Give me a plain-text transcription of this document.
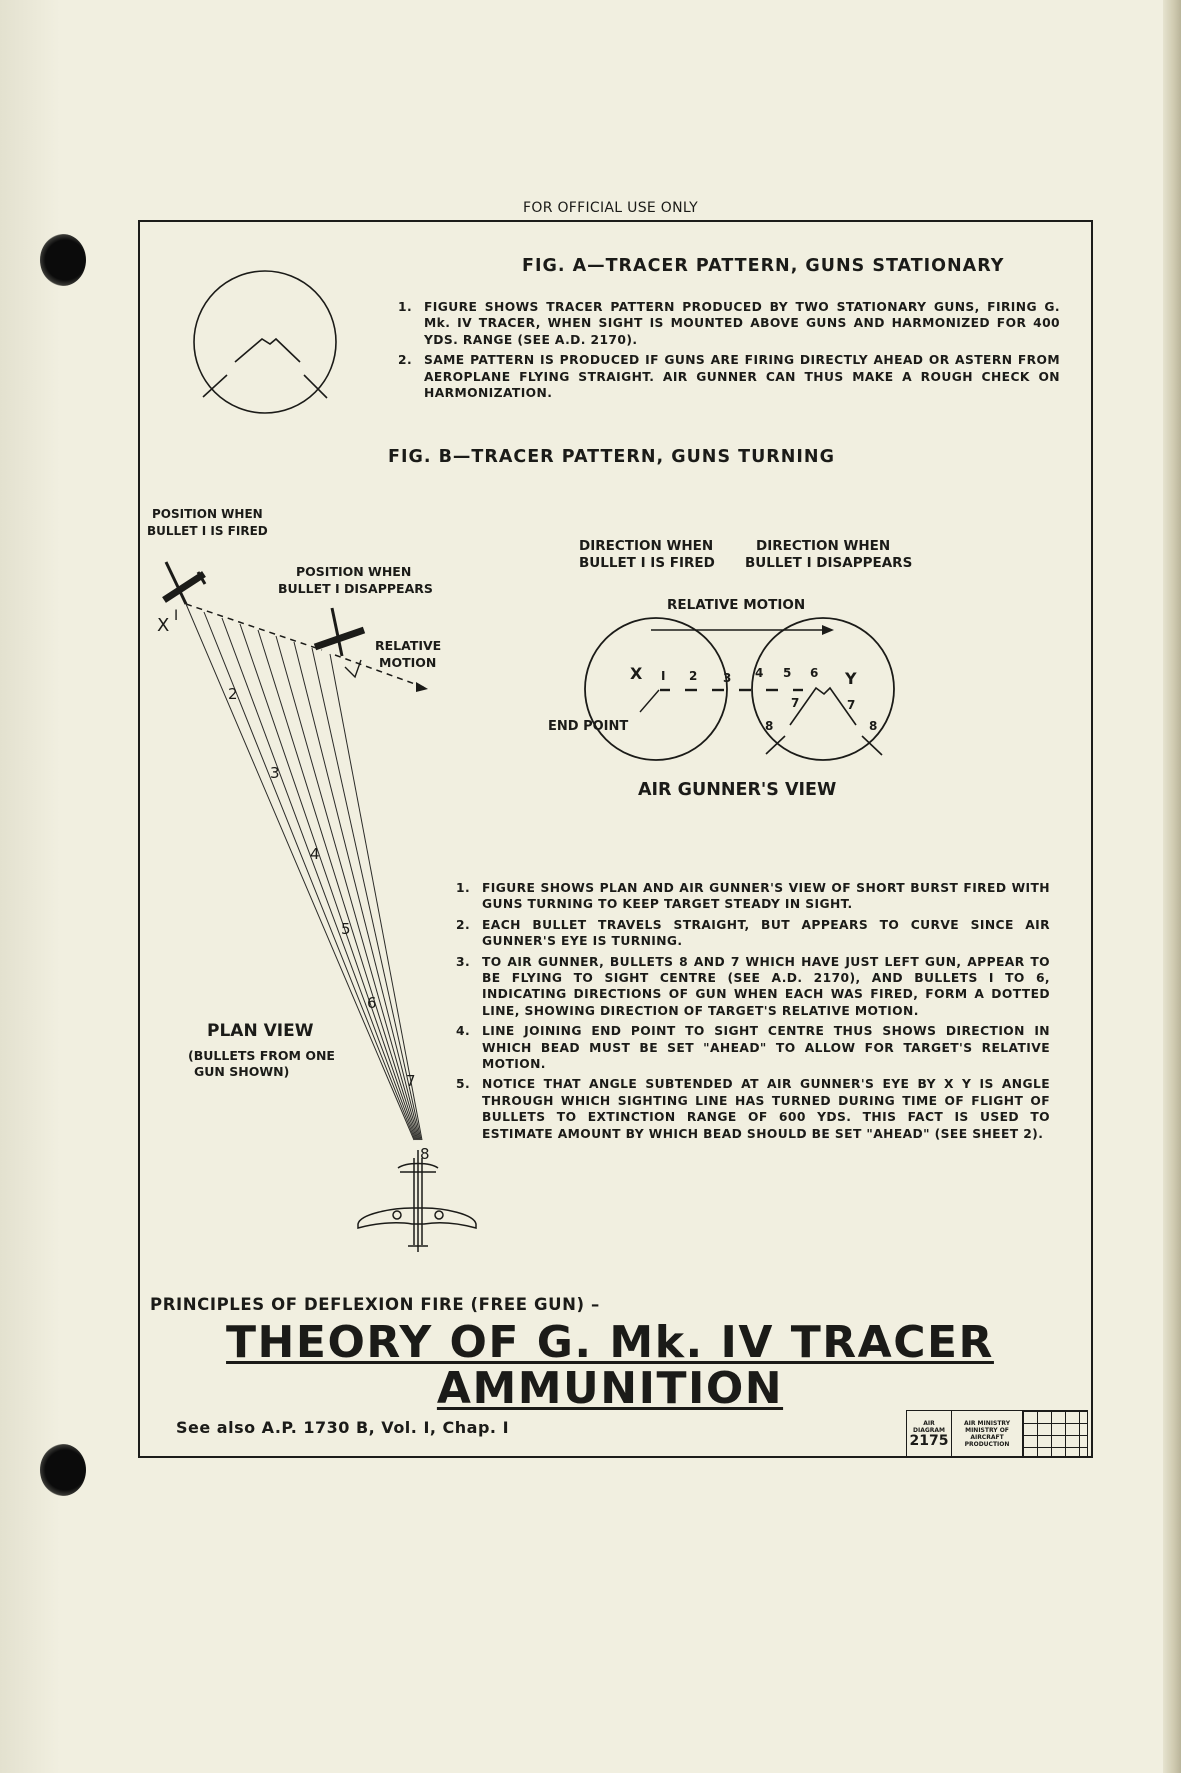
FOR OFFICIAL USE ONLY
FIG. A—TRACER PATTERN, GUNS STATIONARY
1. FIGURE SHOWS TRACER PATTERN PRODUCED BY TWO STATIONARY GUNS, FIRING G. Mk. IV TRACER, WHEN SIGHT IS MOUNTED ABOVE GUNS AND HARMONIZED FOR 400 YDS. RANGE (SEE A.D. 2170).
2. SAME PATTERN IS PRODUCED IF GUNS ARE FIRING DIRECTLY AHEAD OR ASTERN FROM AEROPLANE FLYING STRAIGHT. AIR GUNNER CAN THUS MAKE A ROUGH CHECK ON HARMONIZATION.
FIG. B—TRACER PATTERN, GUNS TURNING
POSITION WHEN
BULLET I IS FIRED
POSITION WHEN
BULLET I DISAPPEARS
X I
RELATIVE
MOTION
2
3
4
5
6
7
8
PLAN VIEW
(BULLETS FROM ONE
GUN SHOWN)
DIRECTION WHEN
BULLET I IS FIRED
DIRECTION WHEN
BULLET I DISAPPEARS
RELATIVE MOTION
X	Y
I 2 3 4 5 6
7	7
8	8
END POINT
AIR GUNNER'S VIEW
1. FIGURE SHOWS PLAN AND AIR GUNNER'S VIEW OF SHORT BURST FIRED WITH GUNS TURNING TO KEEP TARGET STEADY IN SIGHT.
2. EACH BULLET TRAVELS STRAIGHT, BUT APPEARS TO CURVE SINCE AIR GUNNER'S EYE IS TURNING.
3. TO AIR GUNNER, BULLETS 8 AND 7 WHICH HAVE JUST LEFT GUN, APPEAR TO BE FLYING TO SIGHT CENTRE (SEE A.D. 2170), AND BULLETS I TO 6, INDICATING DIRECTIONS OF GUN WHEN EACH WAS FIRED, FORM A DOTTED LINE, SHOWING DIRECTION OF TARGET'S RELATIVE MOTION.
4. LINE JOINING END POINT TO SIGHT CENTRE THUS SHOWS DIRECTION IN WHICH BEAD MUST BE SET "AHEAD" TO ALLOW FOR TARGET'S RELATIVE MOTION.
5. NOTICE THAT ANGLE SUBTENDED AT AIR GUNNER'S EYE BY X Y IS ANGLE THROUGH WHICH SIGHTING LINE HAS TURNED DURING TIME OF FLIGHT OF BULLETS TO EXTINCTION RANGE OF 600 YDS. THIS FACT IS USED TO ESTIMATE AMOUNT BY WHICH BEAD SHOULD BE SET "AHEAD" (SEE SHEET 2).
PRINCIPLES OF DEFLEXION FIRE (FREE GUN) –
THEORY OF G. Mk. IV TRACER
AMMUNITION
See also A.P. 1730 B, Vol. I, Chap. I	AIR
DIAGRAM
2175
AIR MINISTRY
MINISTRY OF
AIRCRAFT
PRODUCTION
